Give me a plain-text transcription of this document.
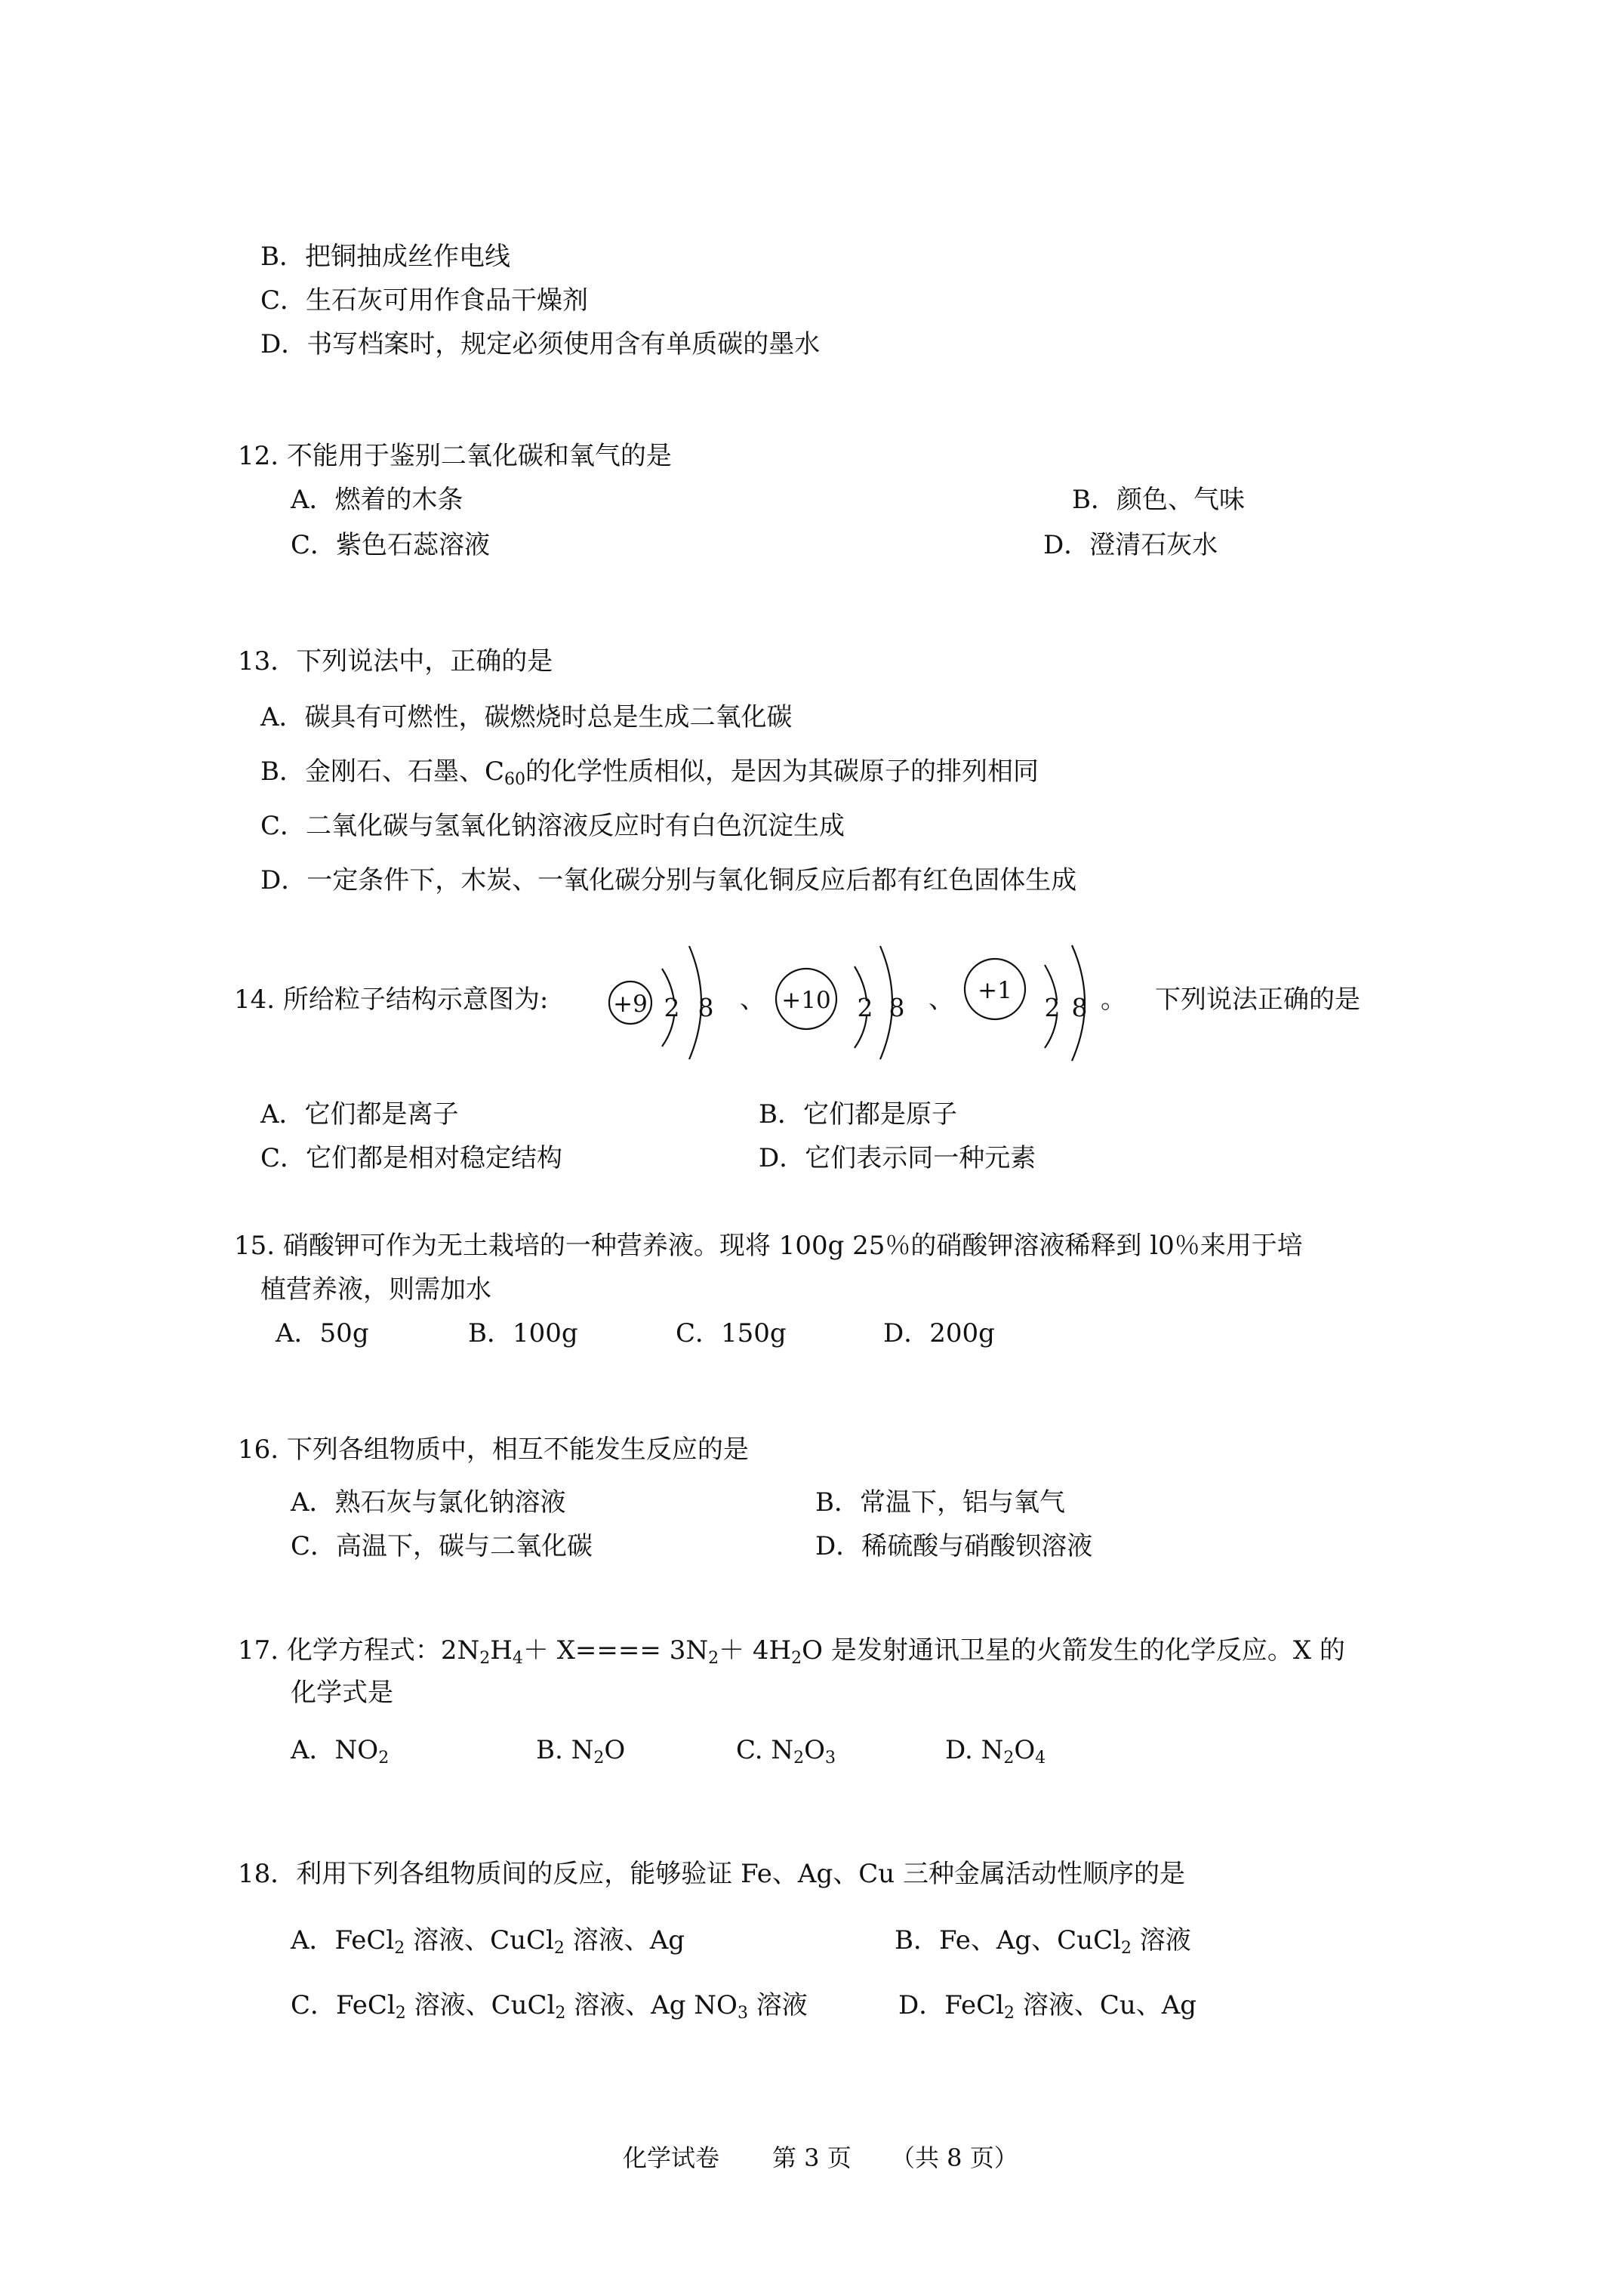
B．把铜抽成丝作电线
C．生石灰可用作食品干燥剂
D．书写档案时，规定必须使用含有单质碳的墨水
12. 不能用于鉴别二氧化碳和氧气的是
A．燃着的木条	B．颜色、气味
C．紫色石蕊溶液	D．澄清石灰水
13．下列说法中，正确的是
A．碳具有可燃性，碳燃烧时总是生成二氧化碳
B．金刚石、石墨、$C_{60}$的化学性质相似，是因为其碳原子的排列相同
C．二氧化碳与氢氧化钠溶液反应时有白色沉淀生成
D．一定条件下，木炭、一氧化碳分别与氧化铜反应后都有红色固体生成
14. 所给粒子结构示意图为:	+9 2 8 、 +10 2 8 、 +1
2 8 。 下列说法正确的是
A．它们都是离子	B．它们都是原子
C．它们都是相对稳定结构	D．它们表示同一种元素
15. 硝酸钾可作为无土栽培的一种营养液。现将 100g 25％的硝酸钾溶液稀释到 l0％来用于培
植营养液，则需加水
A．50g	B．100g	C．150g	D．200g
16. 下列各组物质中，相互不能发生反应的是
A．熟石灰与氯化钠溶液	B．常温下，铝与氧气
C．高温下，碳与二氧化碳	D．稀硫酸与硝酸钡溶液
17. 化学方程式：$2N_2H_4+ X==== 3N_2+ 4H_2O$ 是发射通讯卫星的火箭发生的化学反应。X 的
化学式是
A．$NO_2$	B. $N_2O$	C. $N_2O_3$	D. $N_2O_4$
18．利用下列各组物质间的反应，能够验证 Fe、Ag、Cu 三种金属活动性顺序的是
A．FeCl$_2$ 溶液、CuCl$_2$ 溶液、Ag	B．Fe、Ag、CuCl$_2$ 溶液
C．FeCl$_2$ 溶液、CuCl$_2$ 溶液、Ag $NO_3$ 溶液	D．FeCl$_2$ 溶液、Cu、Ag
化学试卷 第 3 页 （共 8 页）
